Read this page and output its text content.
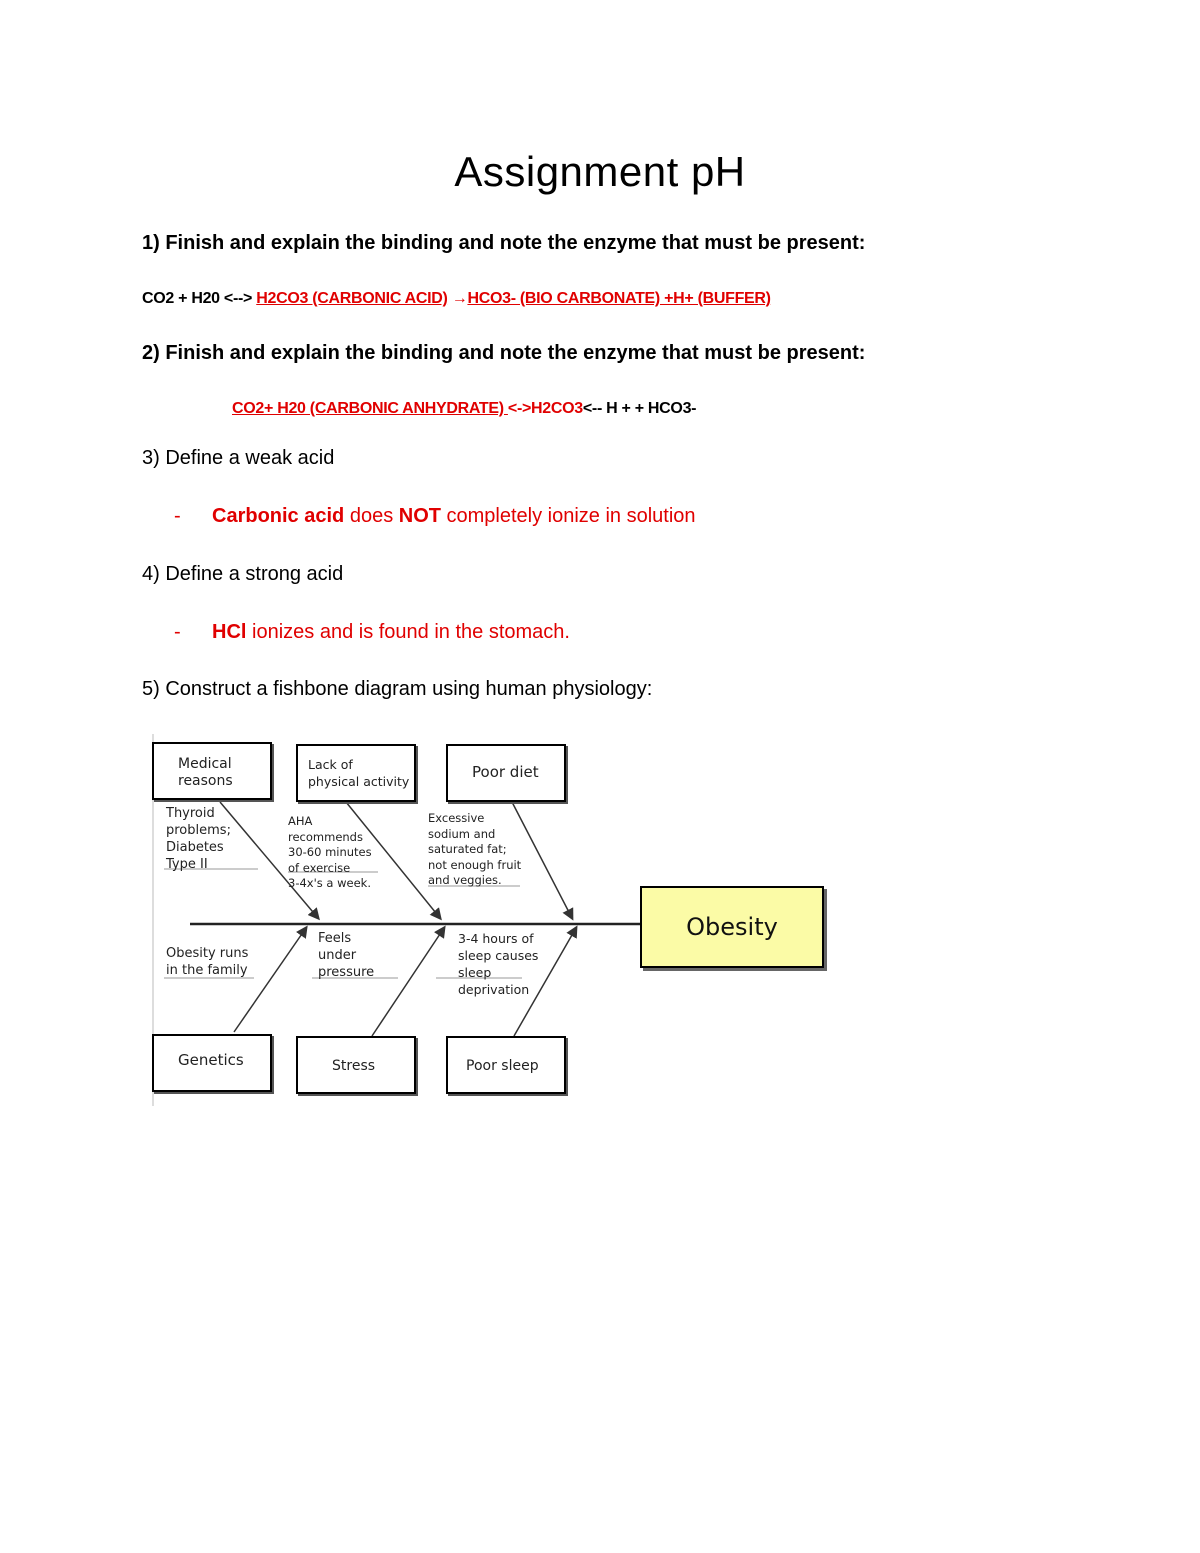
Assignment pH

1) Finish and explain the binding and note the enzyme that must be present:

CO2 + H20 <--> H2CO3 (CARBONIC ACID) →HCO3- (BIO CARBONATE) +H+ (BUFFER)

2) Finish and explain the binding and note the enzyme that must be present:

CO2+ H20 (CARBONIC ANHYDRATE) <->H2CO3<-- H + + HCO3-

3) Define a weak acid

- Carbonic acid does NOT completely ionize in solution

4) Define a strong acid

- HCl ionizes and is found in the stomach.

5) Construct a fishbone diagram using human physiology:

Medical
reasons
Lack of
physical activity
Poor diet
Thyroid
problems;
Diabetes
Type II
AHA
recommends
30-60 minutes
of exercise
3-4x's a week.
Excessive
sodium and
saturated fat;
not enough fruit
and veggies.
Obesity runs
in the family
Feels
under
pressure
3-4 hours of
sleep causes
sleep
deprivation
Genetics	Stress	Poor sleep
Obesity
